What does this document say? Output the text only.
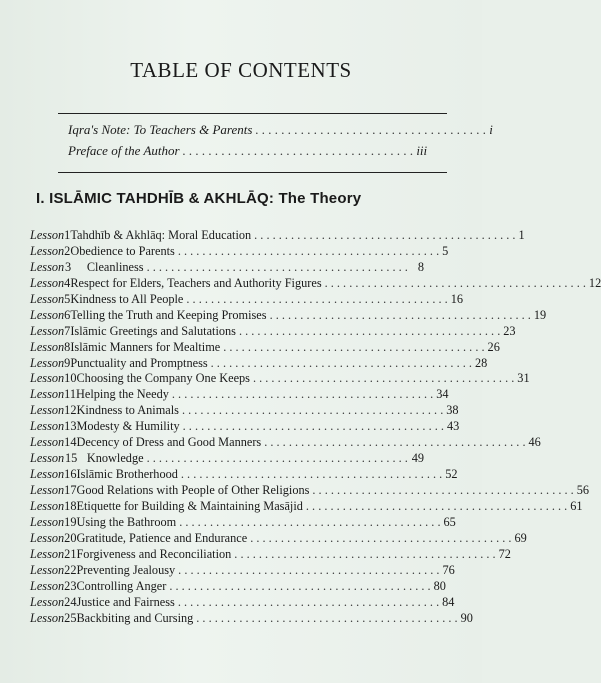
TABLE OF CONTENTS
Iqra's Note: To Teachers & Parents . . . . . . . . . . . . . . . . . . . . . . . . . . . . . . . . . . . . i
Preface of the Author . . . . . . . . . . . . . . . . . . . . . . . . . . . . . . . . . . . . iii
I. ISLĀMIC TAHDHĪB & AKHLĀQ: The Theory
Lesson 1 Tahdhīb & Akhlāq: Moral Education . . . . . . . . . . . . . . . . . . . . . . . . . . . . . . . . . . . . . . . . . . . 1
Lesson 2 Obedience to Parents . . . . . . . . . . . . . . . . . . . . . . . . . . . . . . . . . . . . . . . . . . . 5
Lesson 3	Cleanliness . . . . . . . . . . . . . . . . . . . . . . . . . . . . . . . . . . . . . . . . . . . 8
Lesson 4 Respect for Elders, Teachers and Authority Figures . . . . . . . . . . . . . . . . . . . . . . . . . . . . . . . . . . . . . . . . . . . 12
Lesson 5 Kindness to All People . . . . . . . . . . . . . . . . . . . . . . . . . . . . . . . . . . . . . . . . . . . 16
Lesson 6 Telling the Truth and Keeping Promises . . . . . . . . . . . . . . . . . . . . . . . . . . . . . . . . . . . . . . . . . . . 19
Lesson 7 Islāmic Greetings and Salutations . . . . . . . . . . . . . . . . . . . . . . . . . . . . . . . . . . . . . . . . . . . 23
Lesson 8 Islāmic Manners for Mealtime . . . . . . . . . . . . . . . . . . . . . . . . . . . . . . . . . . . . . . . . . . . 26
Lesson 9 Punctuality and Promptness . . . . . . . . . . . . . . . . . . . . . . . . . . . . . . . . . . . . . . . . . . . 28
Lesson 10 Choosing the Company One Keeps . . . . . . . . . . . . . . . . . . . . . . . . . . . . . . . . . . . . . . . . . . . 31
Lesson 11 Helping the Needy . . . . . . . . . . . . . . . . . . . . . . . . . . . . . . . . . . . . . . . . . . . 34
Lesson 12 Kindness to Animals . . . . . . . . . . . . . . . . . . . . . . . . . . . . . . . . . . . . . . . . . . . 38
Lesson 13 Modesty & Humility . . . . . . . . . . . . . . . . . . . . . . . . . . . . . . . . . . . . . . . . . . . 43
Lesson 14 Decency of Dress and Good Manners . . . . . . . . . . . . . . . . . . . . . . . . . . . . . . . . . . . . . . . . . . . 46
Lesson 15 Knowledge . . . . . . . . . . . . . . . . . . . . . . . . . . . . . . . . . . . . . . . . . . . 49
Lesson 16 Islāmic Brotherhood . . . . . . . . . . . . . . . . . . . . . . . . . . . . . . . . . . . . . . . . . . . 52
Lesson 17 Good Relations with People of Other Religions . . . . . . . . . . . . . . . . . . . . . . . . . . . . . . . . . . . . . . . . . . . 56
Lesson 18 Etiquette for Building & Maintaining Masājid . . . . . . . . . . . . . . . . . . . . . . . . . . . . . . . . . . . . . . . . . . . 61
Lesson 19 Using the Bathroom . . . . . . . . . . . . . . . . . . . . . . . . . . . . . . . . . . . . . . . . . . . 65
Lesson 20 Gratitude, Patience and Endurance . . . . . . . . . . . . . . . . . . . . . . . . . . . . . . . . . . . . . . . . . . . 69
Lesson 21 Forgiveness and Reconciliation . . . . . . . . . . . . . . . . . . . . . . . . . . . . . . . . . . . . . . . . . . . 72
Lesson 22 Preventing Jealousy . . . . . . . . . . . . . . . . . . . . . . . . . . . . . . . . . . . . . . . . . . . 76
Lesson 23 Controlling Anger . . . . . . . . . . . . . . . . . . . . . . . . . . . . . . . . . . . . . . . . . . . 80
Lesson 24 Justice and Fairness . . . . . . . . . . . . . . . . . . . . . . . . . . . . . . . . . . . . . . . . . . . 84
Lesson 25 Backbiting and Cursing . . . . . . . . . . . . . . . . . . . . . . . . . . . . . . . . . . . . . . . . . . . 90
